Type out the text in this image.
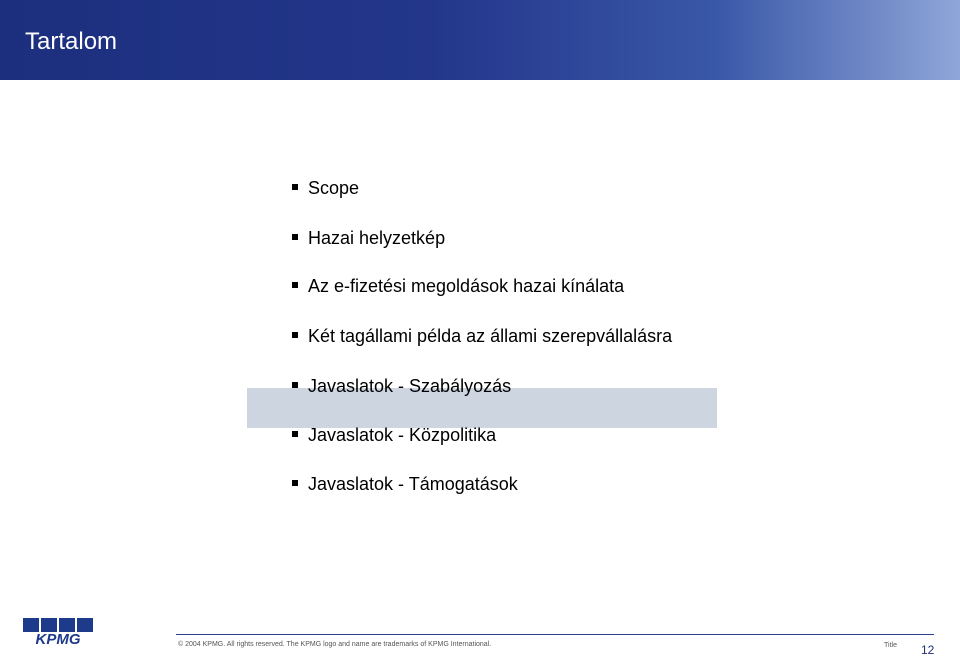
Tartalom
Scope
Hazai helyzetkép
Az e-fizetési megoldások hazai kínálata
Két tagállami példa az állami szerepvállalásra
Javaslatok - Szabályozás
Javaslatok - Közpolitika
Javaslatok - Támogatások
KPMG	© 2004 KPMG. All rights reserved. The KPMG logo and name are trademarks of KPMG International.	Title 12
